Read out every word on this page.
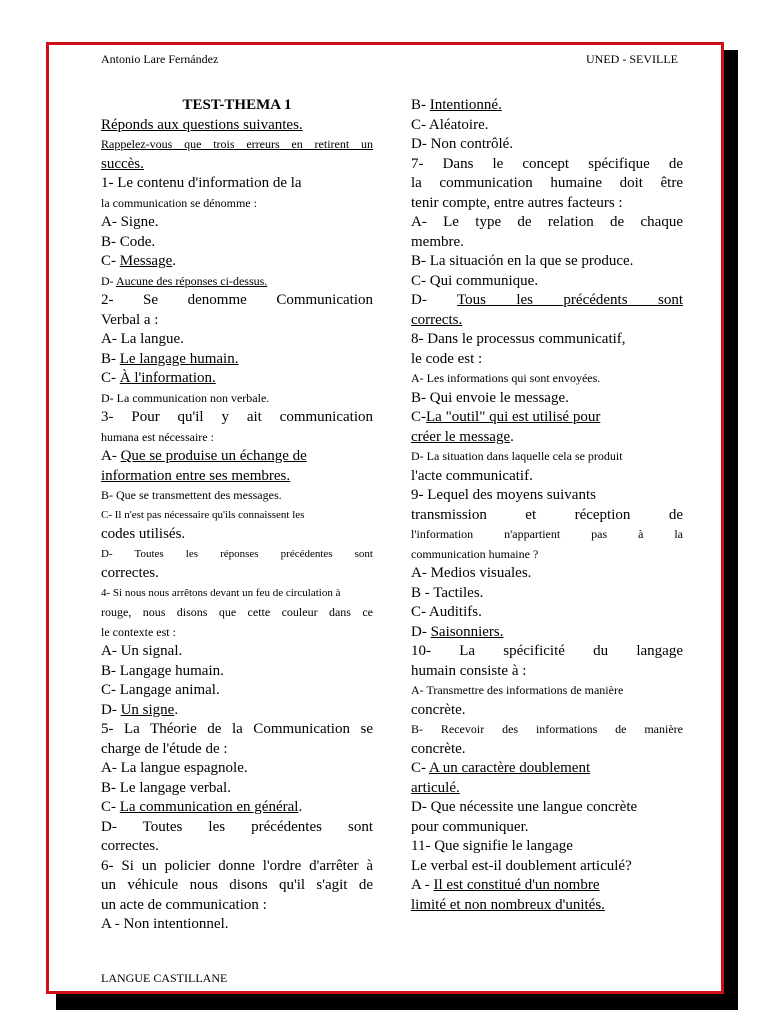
Antonio Lare Fernández	UNED - SEVILLE
TEST-THEMA 1
Réponds aux questions suivantes.
Rappelez-vous que trois erreurs en retirent un
succès.
1- Le contenu d'information de la
la communication se dénomme :
A- Signe.
B- Code.
C- Message.
D- Aucune des réponses ci-dessus.
2- Se denomme Communication
Verbal a :
A- La langue.
B- Le langage humain.
C- À l'information.
D- La communication non verbale.
3- Pour qu'il y ait communication
humana est nécessaire :
A- Que se produise un échange de
information entre ses membres.
B- Que se transmettent des messages.
C- Il n'est pas nécessaire qu'ils connaissent les
codes utilisés.
D- Toutes les réponses précédentes sont
correctes.
4- Si nous nous arrêtons devant un feu de circulation à
rouge, nous disons que cette couleur dans ce
le contexte est :
A- Un signal.
B- Langage humain.
C- Langage animal.
D- Un signe.
5- La Théorie de la Communication se
charge de l'étude de :
A- La langue espagnole.
B- Le langage verbal.
C- La communication en général.
D- Toutes les précédentes sont
correctes.
6- Si un policier donne l'ordre d'arrêter à
un véhicule nous disons qu'il s'agit de
un acte de communication :
A - Non intentionnel.
B- Intentionné.
C- Aléatoire.
D- Non contrôlé.
7- Dans le concept spécifique de
la communication humaine doit être
tenir compte, entre autres facteurs :
A- Le type de relation de chaque
membre.
B- La situación en la que se produce.
C- Qui communique.
D- Tous les précédents sont
corrects.
8- Dans le processus communicatif,
le code est :
A- Les informations qui sont envoyées.
B- Qui envoie le message.
C-La "outil" qui est utilisé pour
créer le message.
D- La situation dans laquelle cela se produit
l'acte communicatif.
9- Lequel des moyens suivants
transmission et réception de
l'information n'appartient pas à la
communication humaine ?
A- Medios visuales.
B - Tactiles.
C- Auditifs.
D- Saisonniers.
10- La spécificité du langage
humain consiste à :
A- Transmettre des informations de manière
concrète.
B- Recevoir des informations de manière
concrète.
C- A un caractère doublement
articulé.
D- Que nécessite une langue concrète
pour communiquer.
11- Que signifie le langage
Le verbal est-il doublement articulé?
A - Il est constitué d'un nombre
limité et non nombreux d'unités.
LANGUE CASTILLANE
